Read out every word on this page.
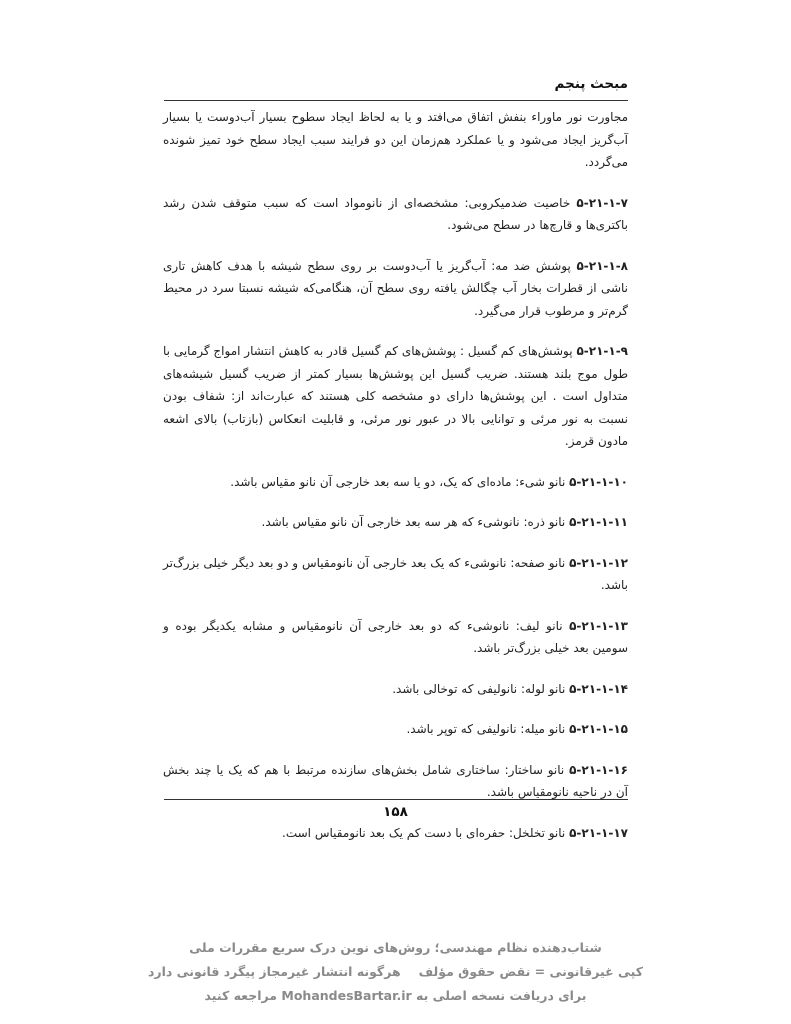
مبحث پنجم

مجاورت نور ماوراء بنفش اتفاق می‌افتد و یا به لحاظ ایجاد سطوح بسیار آب‌دوست یا بسیار آب‌گریز ایجاد می‌شود و یا عملکرد هم‌زمان این دو فرایند سبب ایجاد سطح خود تمیز شونده می‌گردد.

۵-۲۱-۱-۷ خاصیت ضدمیکروبی: مشخصه‌ای از نانومواد است که سبب متوقف شدن رشد باکتری‌ها و قارچ‌ها در سطح می‌شود.

۵-۲۱-۱-۸ پوشش ضد مه: آب‌گریز یا آب‌دوست بر روی سطح شیشه با هدف کاهش تاری ناشی از قطرات بخار آب چگالش یافته روی سطح آن، هنگامی‌که شیشه نسبتا سرد در محیط گرم‌تر و مرطوب قرار می‌گیرد.

۵-۲۱-۱-۹ پوشش‌های کم گسیل : پوشش‌های کم گسیل قادر به کاهش انتشار امواج گرمایی با طول موج بلند هستند. ضریب گسیل این پوشش‌ها بسیار کمتر از ضریب گسیل شیشه‌های متداول است . این پوشش‌ها دارای دو مشخصه کلی هستند که عبارت‌اند از: شفاف بودن نسبت به نور مرئی و توانایی بالا در عبور نور مرئی، و قابلیت انعکاس (بازتاب) بالای اشعه مادون قرمز.

۵-۲۱-۱-۱۰ نانو شیء: ماده‌ای که یک، دو یا سه بعد خارجی آن نانو مقیاس باشد.

۵-۲۱-۱-۱۱ نانو ذره: نانوشیء که هر سه بعد خارجی آن نانو مقیاس باشد.

۵-۲۱-۱-۱۲ نانو صفحه: نانوشیء که یک بعد خارجی آن نانومقیاس و دو بعد دیگر خیلی بزرگ‌تر باشد.

۵-۲۱-۱-۱۳ نانو لیف: نانوشیء که دو بعد خارجی آن نانومقیاس و مشابه یکدیگر بوده و سومین بعد خیلی بزرگ‌تر باشد.

۵-۲۱-۱-۱۴ نانو لوله: نانولیفی که توخالی باشد.

۵-۲۱-۱-۱۵ نانو میله: نانولیفی که توپر باشد.

۵-۲۱-۱-۱۶ نانو ساختار: ساختاری شامل بخش‌های سازنده مرتبط با هم که یک یا چند بخش آن در ناحیه نانومقیاس باشد.

۵-۲۱-۱-۱۷ نانو تخلخل: حفره‌ای با دست کم یک بعد نانومقیاس است.

۱۵۸
شتاب‌دهنده نظام مهندسی؛ روش‌های نوین درک سریع مقررات ملی
کپی غیرقانونی = نقض حقوق مؤلفهرگونه انتشار غیرمجاز پیگرد قانونی دارد
برای دریافت نسخه اصلی به MohandesBartar.ir مراجعه کنید
